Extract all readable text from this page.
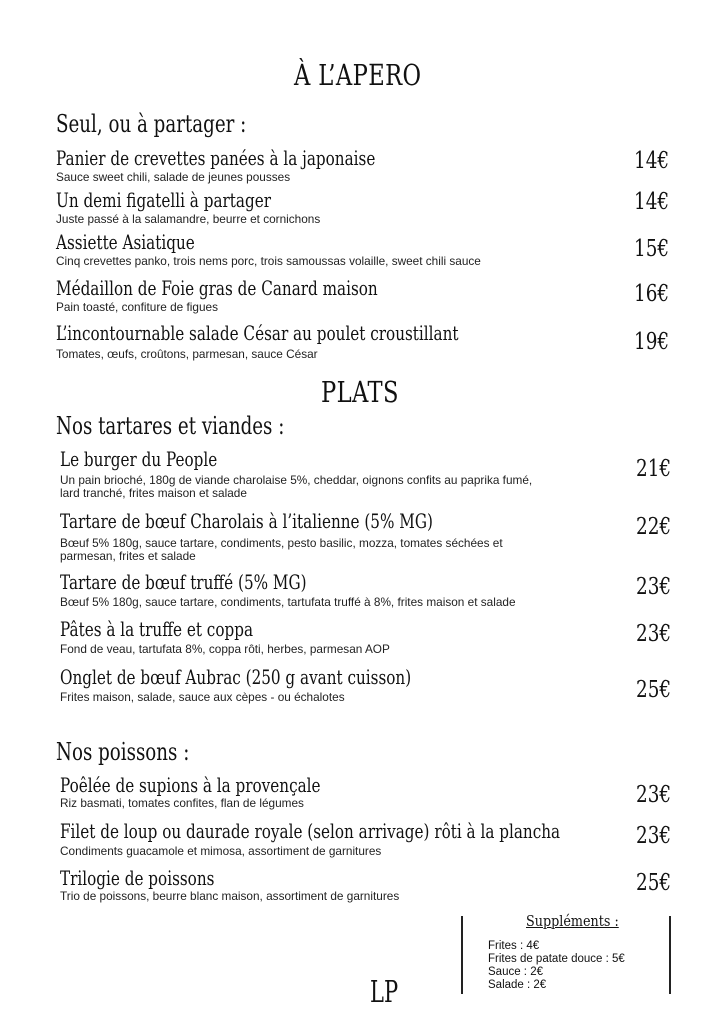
À L’APERO
Seul, ou à partager :
Panier de crevettes panées à la japonaise
Sauce sweet chili, salade de jeunes pousses
14€
Un demi figatelli à partager
Juste passé à la salamandre, beurre et cornichons
14€
Assiette Asiatique
Cinq crevettes panko, trois nems porc, trois samoussas volaille, sweet chili sauce	15€
Médaillon de Foie gras de Canard maison
Pain toasté, confiture de figues	16€
L’incontournable salade César au poulet croustillant
Tomates, œufs, croûtons, parmesan, sauce César	19€
PLATS
Nos tartares et viandes :
Le burger du People
Un pain brioché, 180g de viande charolaise 5%, cheddar, oignons confits au paprika fumé,
lard tranché, frites maison et salade
21€
Tartare de bœuf Charolais à l’italienne (5% MG)
Bœuf 5% 180g, sauce tartare, condiments, pesto basilic, mozza, tomates séchées et
parmesan, frites et salade
22€
Tartare de bœuf truffé (5% MG)
Bœuf 5% 180g, sauce tartare, condiments, tartufata truffé à 8%, frites maison et salade
23€
Pâtes à la truffe et coppa
Fond de veau, tartufata 8%, coppa rôti, herbes, parmesan AOP
23€
Onglet de bœuf Aubrac (250 g avant cuisson)
Frites maison, salade, sauce aux cèpes - ou échalotes	25€
Nos poissons :
Poêlée de supions à la provençale
Riz basmati, tomates confites, flan de légumes	23€
Filet de loup ou daurade royale (selon arrivage) rôti à la plancha
Condiments guacamole et mimosa, assortiment de garnitures
23€
Trilogie de poissons
Trio de poissons, beurre blanc maison, assortiment de garnitures	25€
Suppléments :
Frites : 4€
Frites de patate douce : 5€
Sauce : 2€
Salade : 2€
LP
